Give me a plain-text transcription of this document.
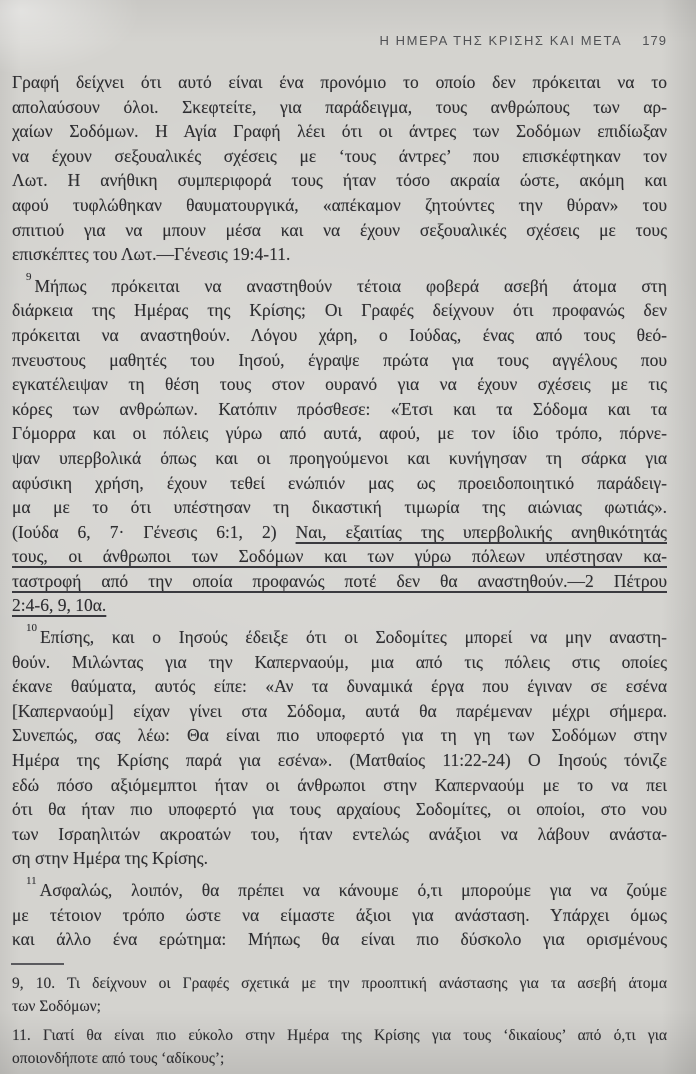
Η ΗΜΕΡΑ ΤΗΣ ΚΡΙΣΗΣ ΚΑΙ ΜΕΤΑ 179
Γραφή δείχνει ότι αυτό είναι ένα προνόμιο το οποίο δεν πρόκειται να το
απολαύσουν όλοι. Σκεφτείτε, για παράδειγμα, τους ανθρώπους των αρ-
χαίων Σοδόμων. Η Αγία Γραφή λέει ότι οι άντρες των Σοδόμων επιδίωξαν
να έχουν σεξουαλικές σχέσεις με ‘τους άντρες’ που επισκέφτηκαν τον
Λωτ. Η ανήθικη συμπεριφορά τους ήταν τόσο ακραία ώστε, ακόμη και
αφού τυφλώθηκαν θαυματουργικά, «απέκαμον ζητούντες την θύραν» του
σπιτιού για να μπουν μέσα και να έχουν σεξουαλικές σχέσεις με τους
επισκέπτες του Λωτ.—Γένεσις 19:4-11.
$^9$ Μήπως πρόκειται να αναστηθούν τέτοια φοβερά ασεβή άτομα στη
διάρκεια της Ημέρας της Κρίσης; Οι Γραφές δείχνουν ότι προφανώς δεν
πρόκειται να αναστηθούν. Λόγου χάρη, ο Ιούδας, ένας από τους θεό-
πνευστους μαθητές του Ιησού, έγραψε πρώτα για τους αγγέλους που
εγκατέλειψαν τη θέση τους στον ουρανό για να έχουν σχέσεις με τις
κόρες των ανθρώπων. Κατόπιν πρόσθεσε: «Έτσι και τα Σόδομα και τα
Γόμορρα και οι πόλεις γύρω από αυτά, αφού, με τον ίδιο τρόπο, πόρνε-
ψαν υπερβολικά όπως και οι προηγούμενοι και κυνήγησαν τη σάρκα για
αφύσικη χρήση, έχουν τεθεί ενώπιόν μας ως προειδοποιητικό παράδειγ-
μα με το ότι υπέστησαν τη δικαστική τιμωρία της αιώνιας φωτιάς».
(Ιούδα 6, 7· Γένεσις 6:1, 2) Ναι, εξαιτίας της υπερβολικής ανηθικότητάς
τους, οι άνθρωποι των Σοδόμων και των γύρω πόλεων υπέστησαν κα-
ταστροφή από την οποία προφανώς ποτέ δεν θα αναστηθούν.—2 Πέτρου
2:4-6, 9, 10α.
$^{10}$ Επίσης, και ο Ιησούς έδειξε ότι οι Σοδομίτες μπορεί να μην αναστη-
θούν. Μιλώντας για την Καπερναούμ, μια από τις πόλεις στις οποίες
έκανε θαύματα, αυτός είπε: «Αν τα δυναμικά έργα που έγιναν σε εσένα
[Καπερναούμ] είχαν γίνει στα Σόδομα, αυτά θα παρέμεναν μέχρι σήμερα.
Συνεπώς, σας λέω: Θα είναι πιο υποφερτό για τη γη των Σοδόμων στην
Ημέρα της Κρίσης παρά για εσένα». (Ματθαίος 11:22-24) Ο Ιησούς τόνιζε
εδώ πόσο αξιόμεμπτοι ήταν οι άνθρωποι στην Καπερναούμ με το να πει
ότι θα ήταν πιο υποφερτό για τους αρχαίους Σοδομίτες, οι οποίοι, στο νου
των Ισραηλιτών ακροατών του, ήταν εντελώς ανάξιοι να λάβουν ανάστα-
ση στην Ημέρα της Κρίσης.
$^{11}$ Ασφαλώς, λοιπόν, θα πρέπει να κάνουμε ό,τι μπορούμε για να ζούμε
με τέτοιον τρόπο ώστε να είμαστε άξιοι για ανάσταση. Υπάρχει όμως
και άλλο ένα ερώτημα: Μήπως θα είναι πιο δύσκολο για ορισμένους
9, 10. Τι δείχνουν οι Γραφές σχετικά με την προοπτική ανάστασης για τα ασεβή άτομα
των Σοδόμων;
11. Γιατί θα είναι πιο εύκολο στην Ημέρα της Κρίσης για τους ‘δικαίους’ από ό,τι για
οποιονδήποτε από τους ‘αδίκους’;
